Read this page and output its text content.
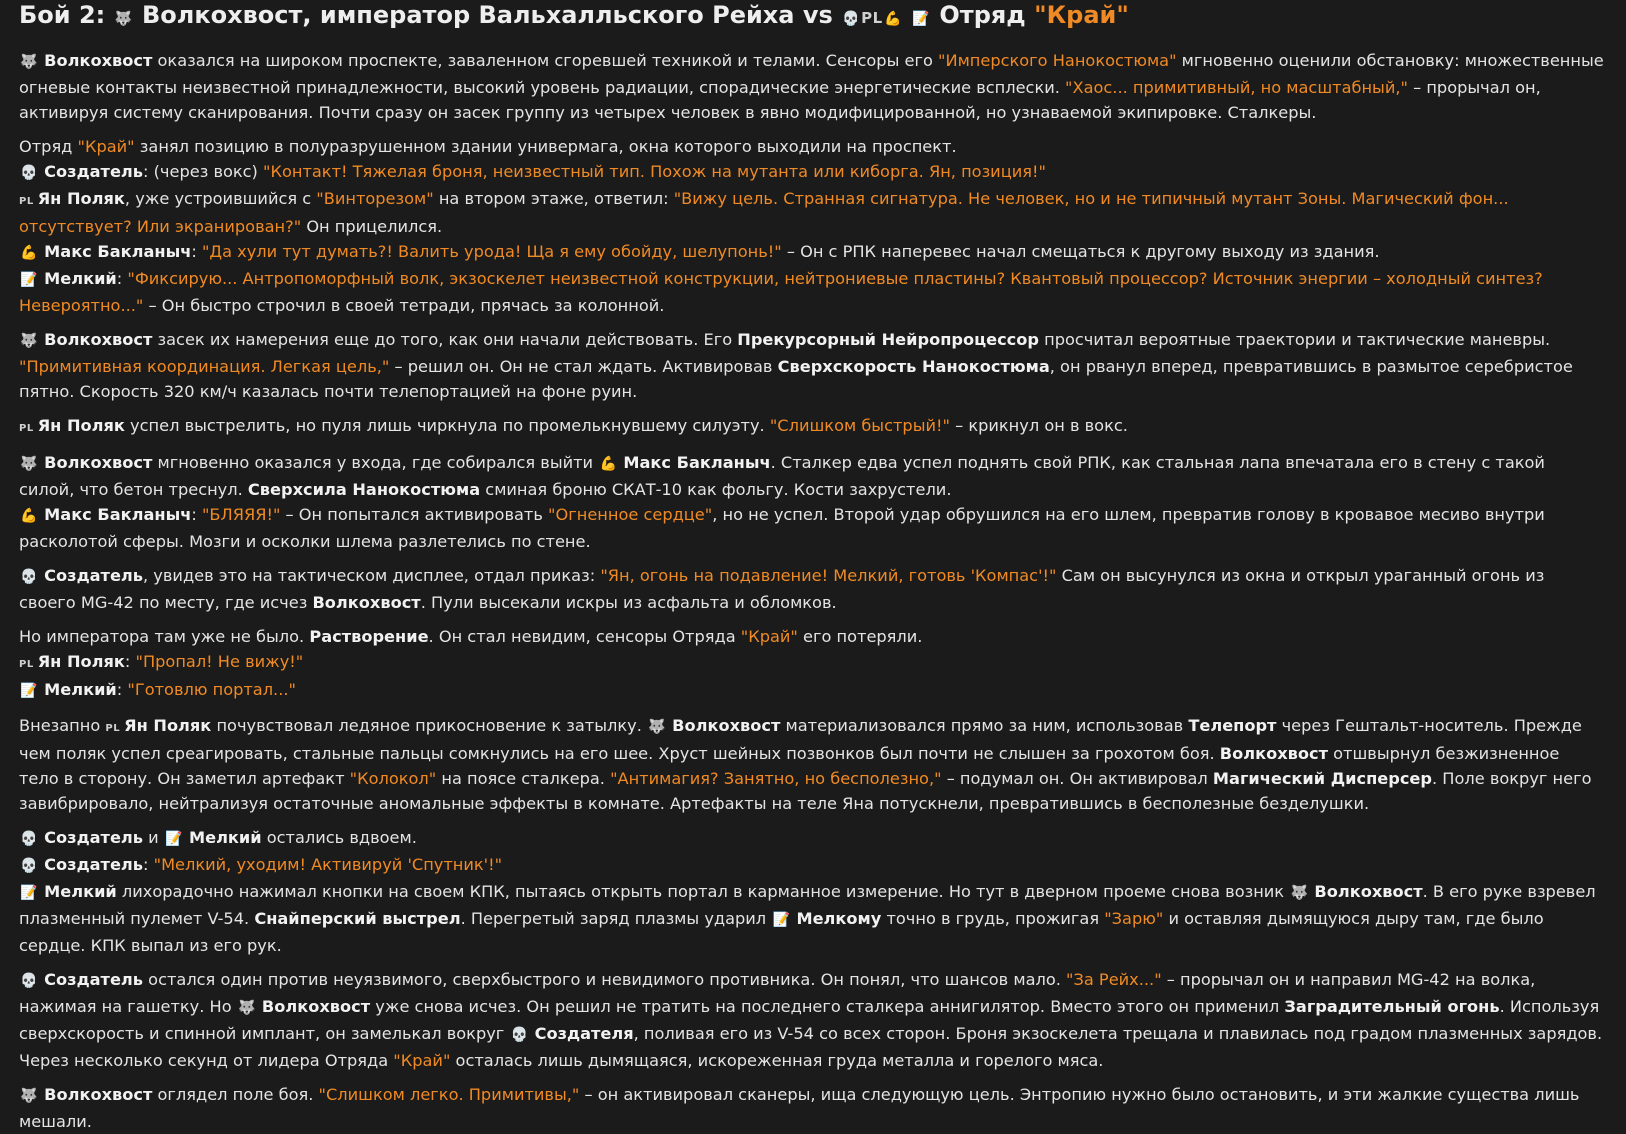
Бой 2: 🐺 Волкохвост, император Вальхалльского Рейха vs 💀PL💪 📝 Отряд "Край"

🐺 Волкохвост оказался на широком проспекте, заваленном сгоревшей техникой и телами. Сенсоры его "Имперского Нанокостюма" мгновенно оценили обстановку: множественные огневые контакты неизвестной принадлежности, высокий уровень радиации, спорадические энергетические всплески. "Хаос... примитивный, но масштабный," – прорычал он, активируя систему сканирования. Почти сразу он засек группу из четырех человек в явно модифицированной, но узнаваемой экипировке. Сталкеры.

Отряд "Край" занял позицию в полуразрушенном здании универмага, окна которого выходили на проспект.

💀 Создатель: (через вокс) "Контакт! Тяжелая броня, неизвестный тип. Похож на мутанта или киборга. Ян, позиция!"

PL Ян Поляк, уже устроившийся с "Винторезом" на втором этаже, ответил: "Вижу цель. Странная сигнатура. Не человек, но и не типичный мутант Зоны. Магический фон... отсутствует? Или экранирован?" Он прицелился.

💪 Макс Бакланыч: "Да хули тут думать?! Валить урода! Ща я ему обойду, шелупонь!" – Он с РПК наперевес начал смещаться к другому выходу из здания.

📝 Мелкий: "Фиксирую... Антропоморфный волк, экзоскелет неизвестной конструкции, нейтрониевые пластины? Квантовый процессор? Источник энергии – холодный синтез? Невероятно..." – Он быстро строчил в своей тетради, прячась за колонной.

🐺 Волкохвост засек их намерения еще до того, как они начали действовать. Его Прекурсорный Нейропроцессор просчитал вероятные траектории и тактические маневры. "Примитивная координация. Легкая цель," – решил он. Он не стал ждать. Активировав Сверхскорость Нанокостюма, он рванул вперед, превратившись в размытое серебристое пятно. Скорость 320 км/ч казалась почти телепортацией на фоне руин.

PL Ян Поляк успел выстрелить, но пуля лишь чиркнула по промелькнувшему силуэту. "Слишком быстрый!" – крикнул он в вокс.

🐺 Волкохвост мгновенно оказался у входа, где собирался выйти 💪 Макс Бакланыч. Сталкер едва успел поднять свой РПК, как стальная лапа впечатала его в стену с такой силой, что бетон треснул. Сверхсила Нанокостюма сминая броню СКАТ-10 как фольгу. Кости захрустели.

💪 Макс Бакланыч: "БЛЯЯЯ!" – Он попытался активировать "Огненное сердце", но не успел. Второй удар обрушился на его шлем, превратив голову в кровавое месиво внутри расколотой сферы. Мозги и осколки шлема разлетелись по стене.

💀 Создатель, увидев это на тактическом дисплее, отдал приказ: "Ян, огонь на подавление! Мелкий, готовь 'Компас'!" Сам он высунулся из окна и открыл ураганный огонь из своего MG-42 по месту, где исчез Волкохвост. Пули высекали искры из асфальта и обломков.

Но императора там уже не было. Растворение. Он стал невидим, сенсоры Отряда "Край" его потеряли.

PL Ян Поляк: "Пропал! Не вижу!"

📝 Мелкий: "Готовлю портал..."

Внезапно PL Ян Поляк почувствовал ледяное прикосновение к затылку. 🐺 Волкохвост материализовался прямо за ним, использовав Телепорт через Гештальт-носитель. Прежде чем поляк успел среагировать, стальные пальцы сомкнулись на его шее. Хруст шейных позвонков был почти не слышен за грохотом боя. Волкохвост отшвырнул безжизненное тело в сторону. Он заметил артефакт "Колокол" на поясе сталкера. "Антимагия? Занятно, но бесполезно," – подумал он. Он активировал Магический Дисперсер. Поле вокруг него завибрировало, нейтрализуя остаточные аномальные эффекты в комнате. Артефакты на теле Яна потускнели, превратившись в бесполезные безделушки.

💀 Создатель и 📝 Мелкий остались вдвоем.

💀 Создатель: "Мелкий, уходим! Активируй 'Спутник'!"

📝 Мелкий лихорадочно нажимал кнопки на своем КПК, пытаясь открыть портал в карманное измерение. Но тут в дверном проеме снова возник 🐺 Волкохвост. В его руке взревел плазменный пулемет V-54. Снайперский выстрел. Перегретый заряд плазмы ударил 📝 Мелкому точно в грудь, прожигая "Зарю" и оставляя дымящуюся дыру там, где было сердце. КПК выпал из его рук.

💀 Создатель остался один против неуязвимого, сверхбыстрого и невидимого противника. Он понял, что шансов мало. "За Рейх..." – прорычал он и направил MG-42 на волка, нажимая на гашетку. Но 🐺 Волкохвост уже снова исчез. Он решил не тратить на последнего сталкера аннигилятор. Вместо этого он применил Заградительный огонь. Используя сверхскорость и спинной имплант, он замелькал вокруг 💀 Создателя, поливая его из V-54 со всех сторон. Броня экзоскелета трещала и плавилась под градом плазменных зарядов. Через несколько секунд от лидера Отряда "Край" осталась лишь дымящаяся, искореженная груда металла и горелого мяса.

🐺 Волкохвост оглядел поле боя. "Слишком легко. Примитивы," – он активировал сканеры, ища следующую цель. Энтропию нужно было остановить, и эти жалкие существа лишь мешали.
